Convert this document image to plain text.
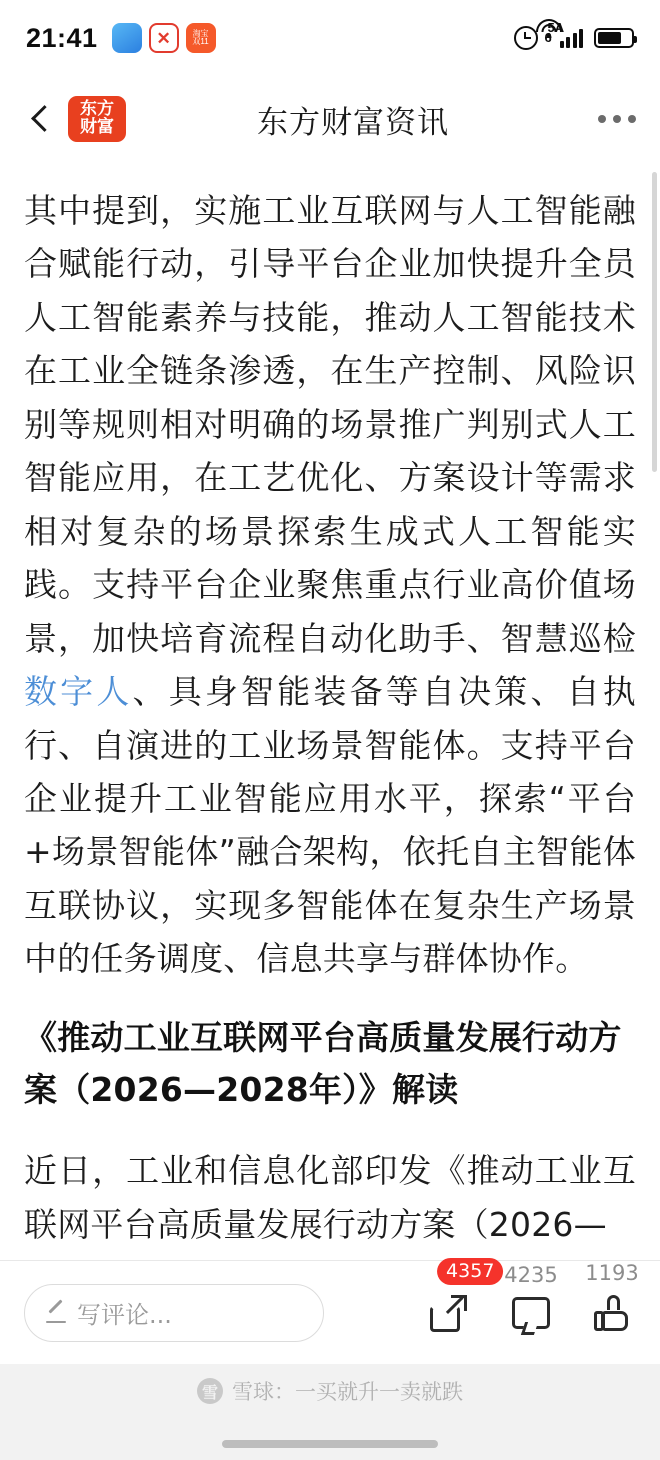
21:41	✕	淘宝
双11
5A
东方
财富	东方财富资讯

其中提到，实施工业互联网与人工智能融合赋能行动，引导平台企业加快提升全员人工智能素养与技能，推动人工智能技术在工业全链条渗透，在生产控制、风险识别等规则相对明确的场景推广判别式人工智能应用，在工艺优化、方案设计等需求相对复杂的场景探索生成式人工智能实践。支持平台企业聚焦重点行业高价值场景，加快培育流程自动化助手、智慧巡检数字人、具身智能装备等自决策、自执行、自演进的工业场景智能体。支持平台企业提升工业智能应用水平，探索“平台+场景智能体”融合架构，依托自主智能体互联协议，实现多智能体在复杂生产场景中的任务调度、信息共享与群体协作。

《推动工业互联网平台高质量发展行动方案（2026—2028年）》解读

近日，工业和信息化部印发《推动工业互联网平台高质量发展行动方案（2026—

写评论...
4357 4235 1193
雪 雪球：一买就升一卖就跌
